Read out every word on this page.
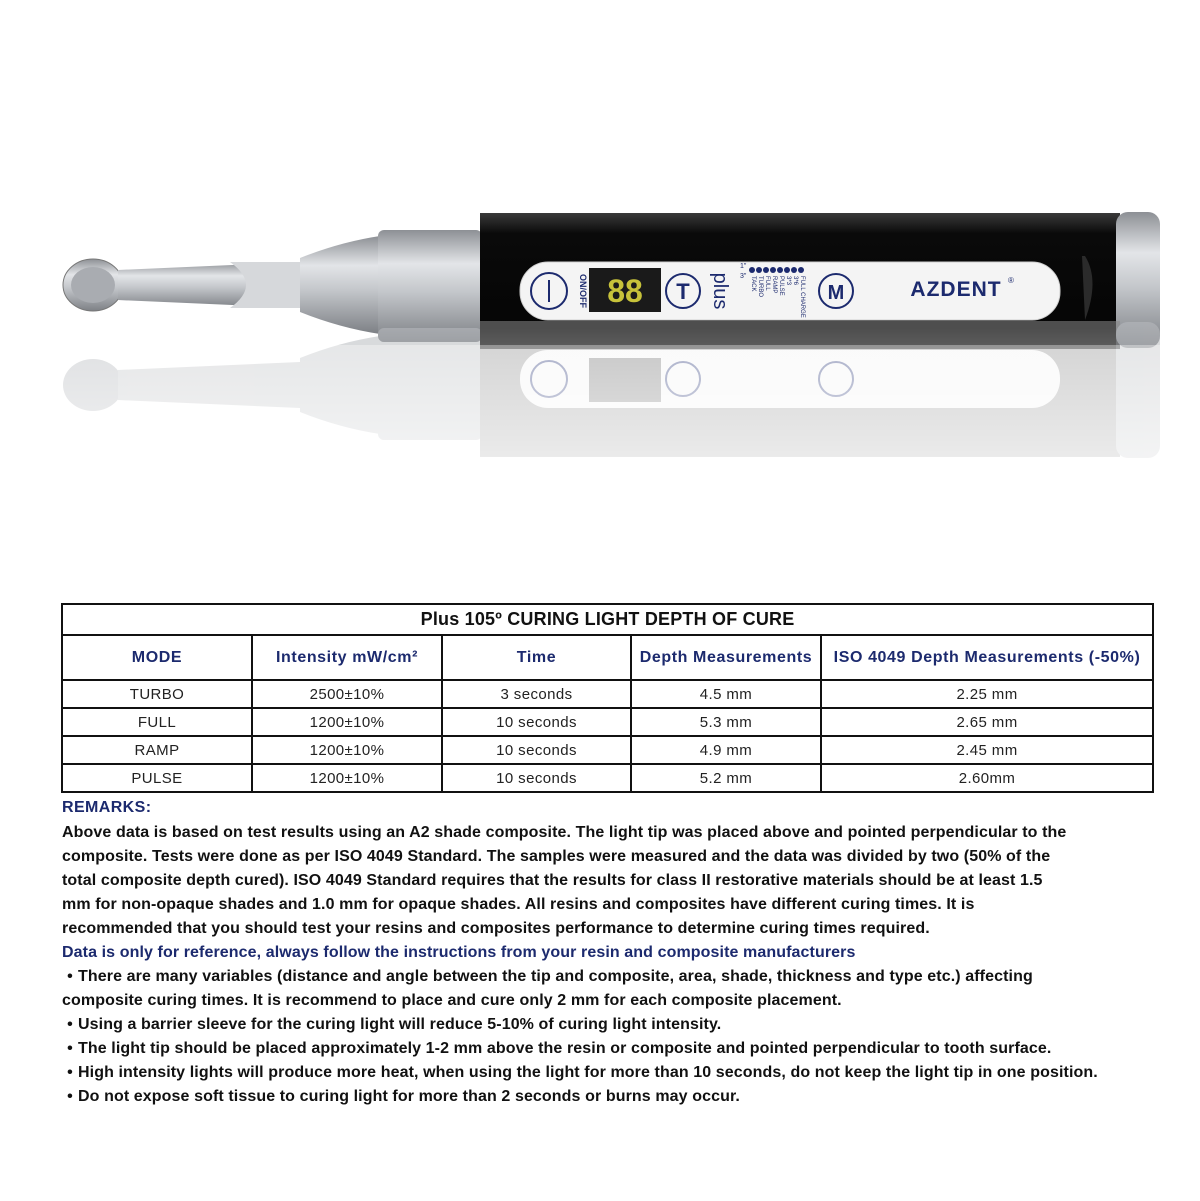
ON/OFF 88 T plus	TACK TURBO FULL RAMP PULSE 3*3 3*6 FULL CHARGE
1"
3"
M	AZDENT ®
Plus 105º CURING LIGHT DEPTH OF CURE				
MODE	Intensity mW/cm²	Time	Depth Measurements	ISO 4049 Depth Measurements (-50%)
TURBO	2500±10%	3 seconds	4.5 mm	2.25 mm
FULL	1200±10%	10 seconds	5.3 mm	2.65 mm
RAMP	1200±10%	10 seconds	4.9 mm	2.45 mm
PULSE	1200±10%	10 seconds	5.2 mm	2.60mm
REMARKS:

Above data is based on test results using an A2 shade composite. The light tip was placed above and pointed perpendicular to the
composite. Tests were done as per ISO 4049 Standard. The samples were measured and the data was divided by two (50% of the
total composite depth cured). ISO 4049 Standard requires that the results for class II restorative materials should be at least 1.5
mm for non-opaque shades and 1.0 mm for opaque shades. All resins and composites have different curing times. It is
recommended that you should test your resins and composites performance to determine curing times required.

Data is only for reference, always follow the instructions from your resin and composite manufacturers

• There are many variables (distance and angle between the tip and composite, area, shade, thickness and type etc.) affecting
composite curing times. It is recommend to place and cure only 2 mm for each composite placement.
• Using a barrier sleeve for the curing light will reduce 5-10% of curing light intensity.
• The light tip should be placed approximately 1-2 mm above the resin or composite and pointed perpendicular to tooth surface.
• High intensity lights will produce more heat, when using the light for more than 10 seconds, do not keep the light tip in one position.
• Do not expose soft tissue to curing light for more than 2 seconds or burns may occur.
